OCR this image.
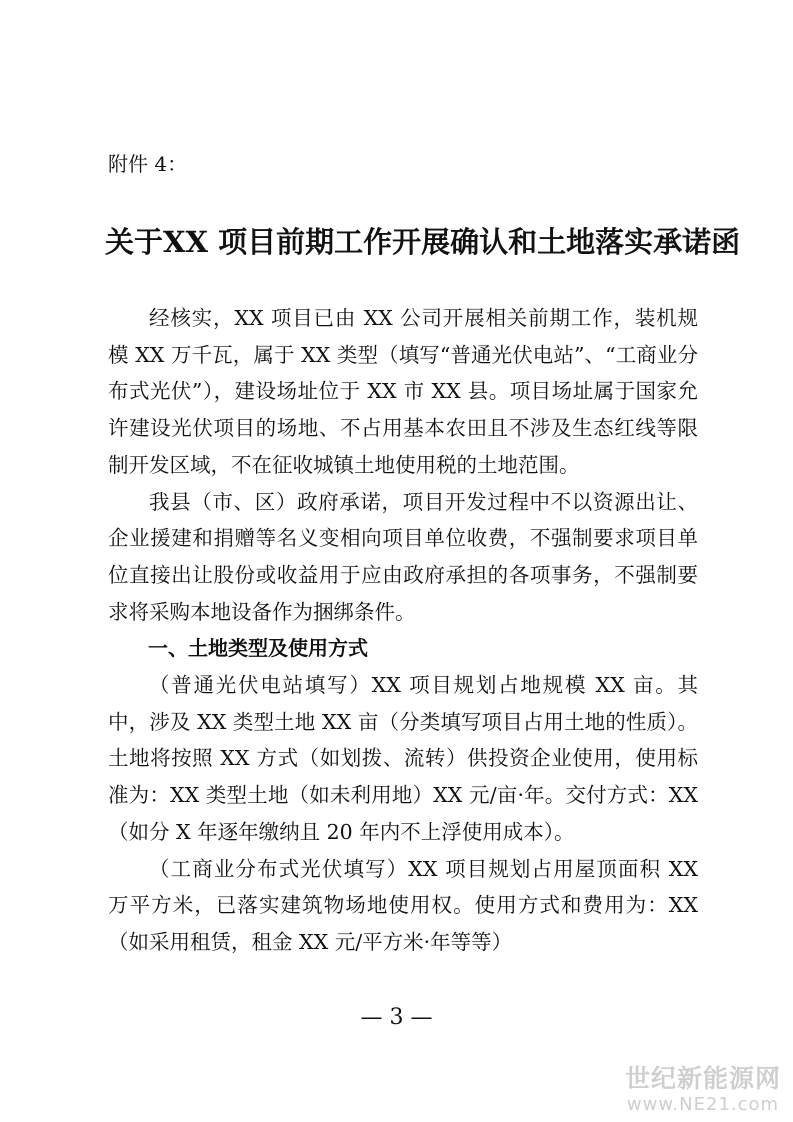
附件 4：
关于XX 项目前期工作开展确认和土地落实承诺函

经核实，XX 项目已由 XX 公司开展相关前期工作，装机规模 XX 万千瓦，属于 XX 类型（填写“普通光伏电站”、“工商业分布式光伏”），建设场址位于 XX 市 XX 县。项目场址属于国家允许建设光伏项目的场地、不占用基本农田且不涉及生态红线等限制开发区域，不在征收城镇土地使用税的土地范围。

我县（市、区）政府承诺，项目开发过程中不以资源出让、企业援建和捐赠等名义变相向项目单位收费，不强制要求项目单位直接出让股份或收益用于应由政府承担的各项事务，不强制要求将采购本地设备作为捆绑条件。

一、土地类型及使用方式

（普通光伏电站填写）XX 项目规划占地规模 XX 亩。其中，涉及 XX 类型土地 XX 亩（分类填写项目占用土地的性质）。土地将按照 XX 方式（如划拨、流转）供投资企业使用，使用标准为：XX 类型土地（如未利用地）XX 元/亩·年。交付方式：XX（如分 X 年逐年缴纳且 20 年内不上浮使用成本）。

（工商业分布式光伏填写）XX 项目规划占用屋顶面积 XX 万平方米，已落实建筑物场地使用权。使用方式和费用为：XX（如采用租赁，租金 XX 元/平方米·年等等）

— 3 —
世纪新能源网
www.NE21.com
